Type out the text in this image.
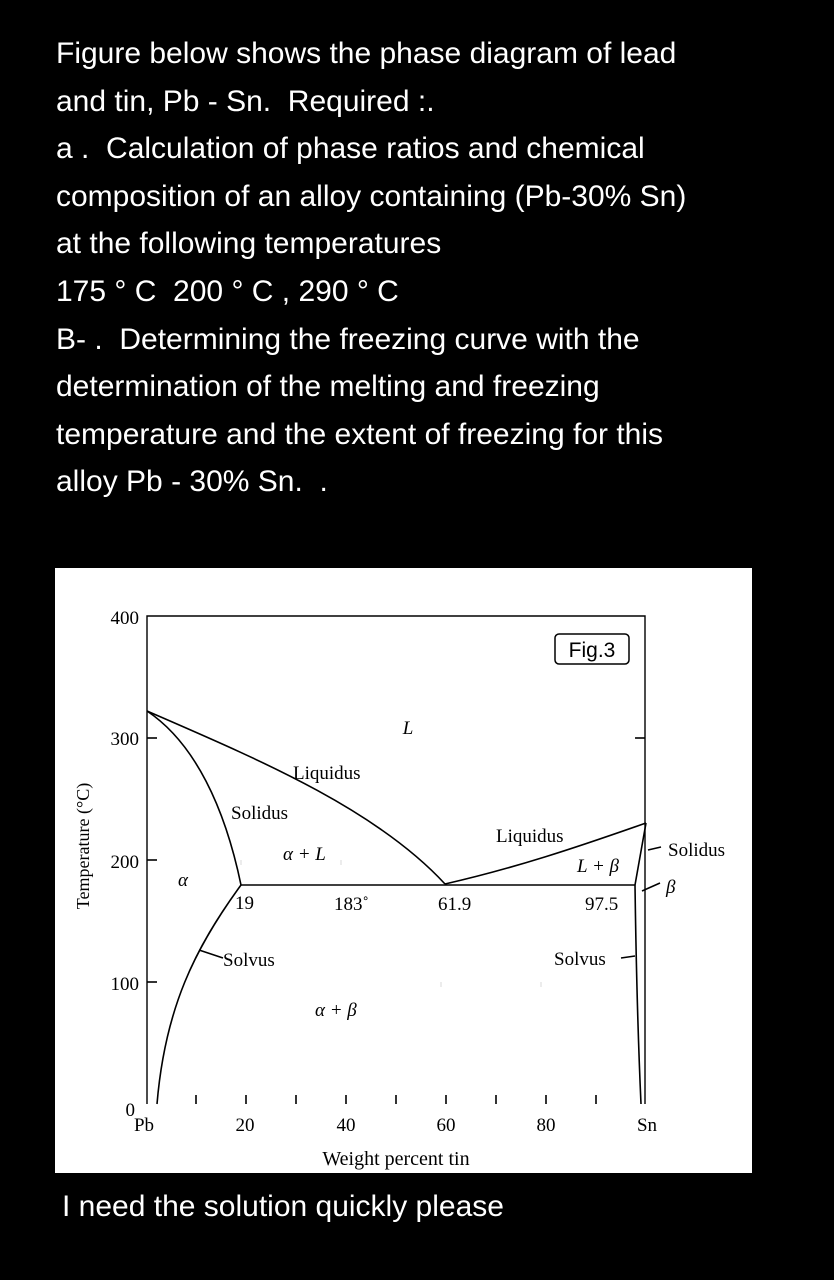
Figure below shows the phase diagram of lead
and tin, Pb - Sn.  Required :.
a .  Calculation of phase ratios and chemical
composition of an alloy containing (Pb-30% Sn)
at the following temperatures
175 ° C  200 ° C , 290 ° C
B- .  Determining the freezing curve with the
determination of the melting and freezing
temperature and the extent of freezing for this
alloy Pb - 30% Sn.  .
Fig.3
400
300
200
100
0
Pb	20	40	60	80	Sn
Weight percent tin
Temperature (°C)
L
Liquidus
Solidus
α + L
Liquidus
L + β
Solidus
β
α
Solvus	Solvus
α + β
19	183˚	61.9	97.5
I need the solution quickly please
